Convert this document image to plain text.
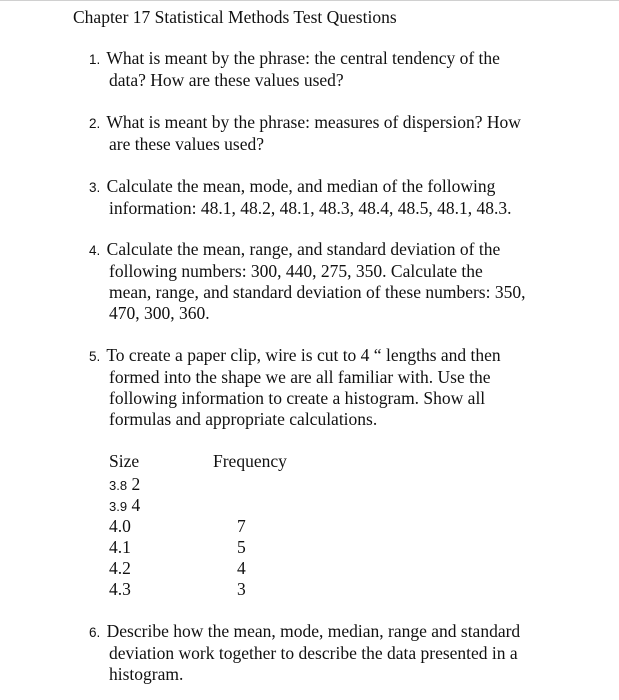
Chapter 17 Statistical Methods Test Questions
1. What is meant by the phrase: the central tendency of the
data? How are these values used?
2. What is meant by the phrase: measures of dispersion? How
are these values used?
3. Calculate the mean, mode, and median of the following
information: 48.1, 48.2, 48.1, 48.3, 48.4, 48.5, 48.1, 48.3.
4. Calculate the mean, range, and standard deviation of the
following numbers: 300, 440, 275, 350. Calculate the
mean, range, and standard deviation of these numbers: 350,
470, 300, 360.
5. To create a paper clip, wire is cut to 4 “ lengths and then
formed into the shape we are all familiar with. Use the
following information to create a histogram. Show all
formulas and appropriate calculations.
Size	Frequency
3.8 2
3.9 4
4.0	7
4.1	5
4.2	4
4.3	3
6. Describe how the mean, mode, median, range and standard
deviation work together to describe the data presented in a
histogram.
